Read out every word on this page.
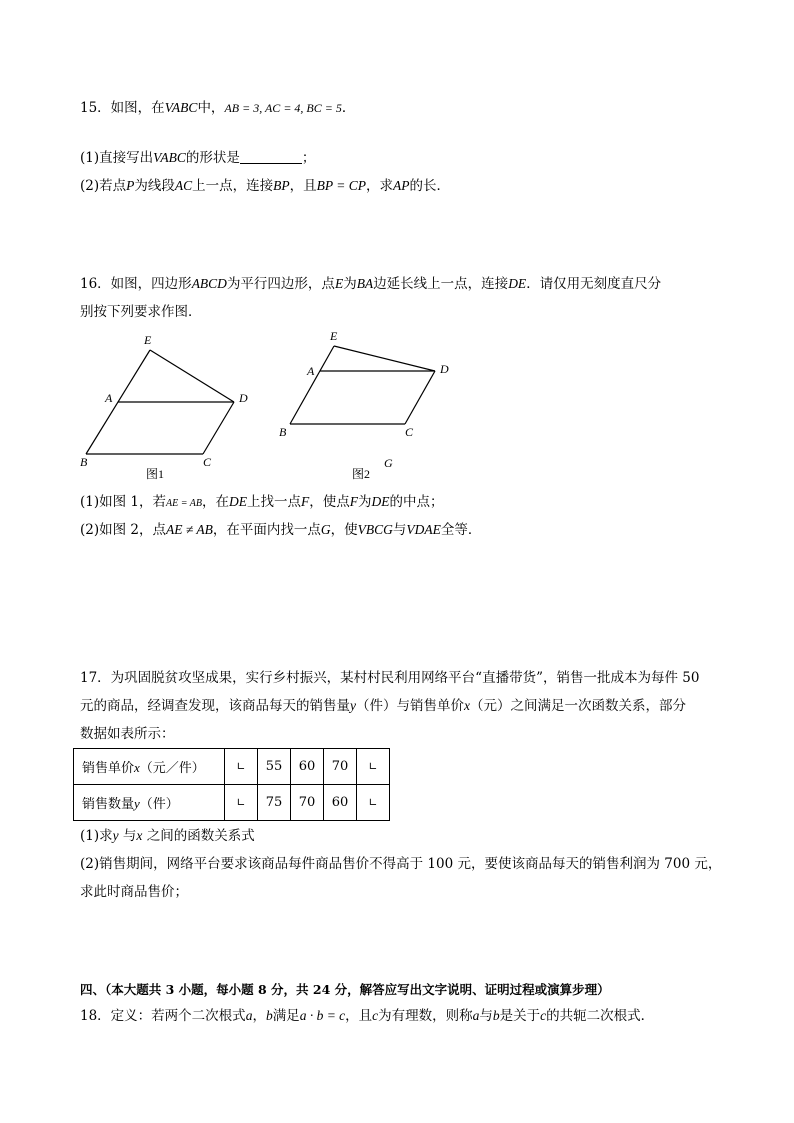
15．如图，在VABC中，AB = 3, AC = 4, BC = 5．
(1)直接写出VABC的形状是	；
(2)若点P为线段AC上一点，连接BP，且BP = CP，求AP的长．
16．如图，四边形ABCD为平行四边形，点E为BA边延长线上一点，连接DE．请仅用无刻度直尺分
别按下列要求作图．
E
A	D
B	C
图1
E
A	D
B	C
G
图2
(1)如图 1，若AE = AB，在DE上找一点F，使点F为DE的中点；
(2)如图 2，点AE ≠ AB，在平面内找一点G，使VBCG与VDAE全等．
17．为巩固脱贫攻坚成果，实行乡村振兴，某村村民利用网络平台“直播带货”，销售一批成本为每件 50
元的商品，经调查发现，该商品每天的销售量y（件）与销售单价x（元）之间满足一次函数关系，部分
数据如表所示：
销售单价x（元／件）	∟	55	60	70	∟
销售数量y（件）	∟	75	70	60	∟
(1)求y 与x 之间的函数关系式
(2)销售期间，网络平台要求该商品每件商品售价不得高于 100 元，要使该商品每天的销售利润为 700 元，
求此时商品售价；
四、（本大题共 3 小题，每小题 8 分，共 24 分，解答应写出文字说明、证明过程或演算步理）
18．定义：若两个二次根式a，b满足a · b = c，且c为有理数，则称a与b是关于c的共轭二次根式．
